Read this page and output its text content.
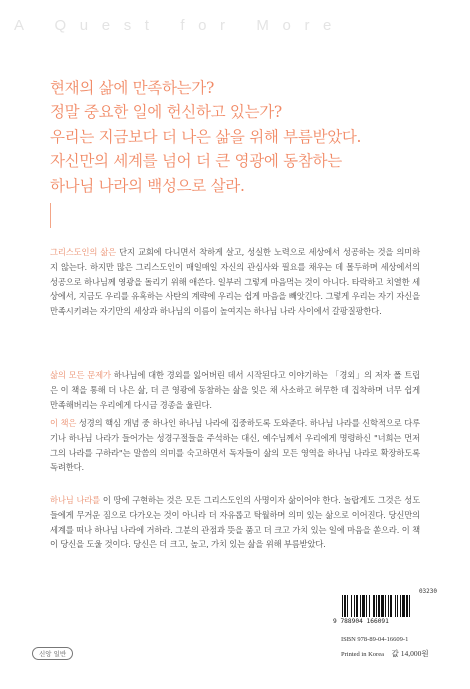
A Quest for More
현재의 삶에 만족하는가?
정말 중요한 일에 헌신하고 있는가?
우리는 지금보다 더 나은 삶을 위해 부름받았다.
자신만의 세계를 넘어 더 큰 영광에 동참하는
하나님 나라의 백성으로 살라.
그리스도인의 삶은 단지 교회에 다니면서 착하게 살고, 성실한 노력으로 세상에서 성공하는 것을 의미하지 않는다. 하지만 많은 그리스도인이 매일매일 자신의 관심사와 필요를 채우는 데 몰두하며 세상에서의 성공으로 하나님께 영광을 돌리기 위해 애쓴다. 일부러 그렇게 마음먹는 것이 아니다. 타락하고 치열한 세상에서, 지금도 우리를 유혹하는 사탄의 계략에 우리는 쉽게 마음을 빼앗긴다. 그렇게 우리는 자기 자신을 만족시키려는 자기만의 세상과 하나님의 이름이 높여지는 하나님 나라 사이에서 갈팡질팡한다.
삶의 모든 문제가 하나님에 대한 경외를 잃어버린 데서 시작된다고 이야기하는 「경외」의 저자 폴 트립은 이 책을 통해 더 나은 삶, 더 큰 영광에 동참하는 삶을 잊은 채 사소하고 허무한 데 집착하며 너무 쉽게 만족해버리는 우리에게 다시금 경종을 울린다.
이 책은 성경의 핵심 개념 중 하나인 하나님 나라에 집중하도록 도와준다. 하나님 나라를 신학적으로 다루기나 하나님 나라가 들어가는 성경구절들을 주석하는 대신, 예수님께서 우리에게 명령하신 "너희는 먼저 그의 나라를 구하라"는 말씀의 의미를 숙고하면서 독자들이 삶의 모든 영역을 하나님 나라로 확장하도록 독려한다.
하나님 나라를 이 땅에 구현하는 것은 모든 그리스도인의 사명이자 삶이어야 한다. 놀랍게도 그것은 성도들에게 무거운 짐으로 다가오는 것이 아니라 더 자유롭고 탁월하며 의미 있는 삶으로 이어진다. 당신만의 세계를 떠나 하나님 나라에 거하라. 그분의 관점과 뜻을 품고 더 크고 가치 있는 일에 마음을 쏟으라. 이 책이 당신을 도울 것이다. 당신은 더 크고, 높고, 가치 있는 삶을 위해 부름받았다.
03230
9 788904 166091
ISBN 978-89-04-16609-1
Printed in Korea 값 14,000원
신앙 일반
